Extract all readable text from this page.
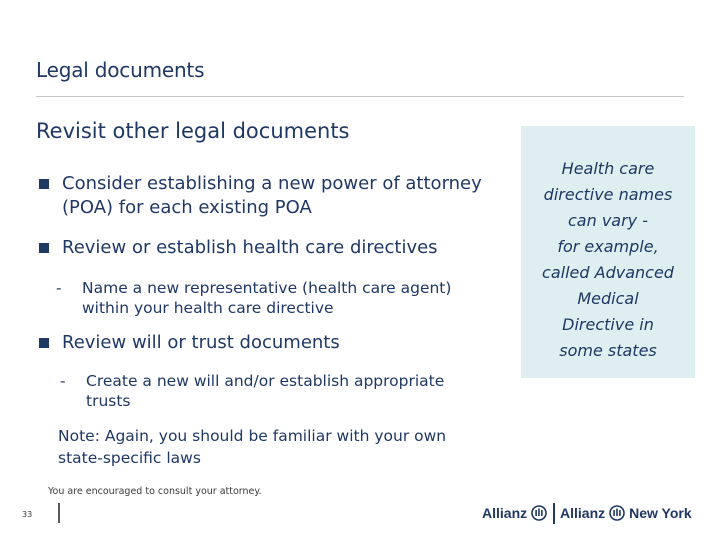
Legal documents
Revisit other legal documents
Consider establishing a new power of attorney (POA) for each existing POA
Review or establish health care directives
- Name a new representative (health care agent) within your health care directive
Review will or trust documents
- Create a new will and/or establish appropriate trusts
Note: Again, you should be familiar with your own state-specific laws
Health care
directive names
can vary -
for example,
called Advanced
Medical
Directive in
some states
You are encouraged to consult your attorney.
33	Allianz Allianz New York
